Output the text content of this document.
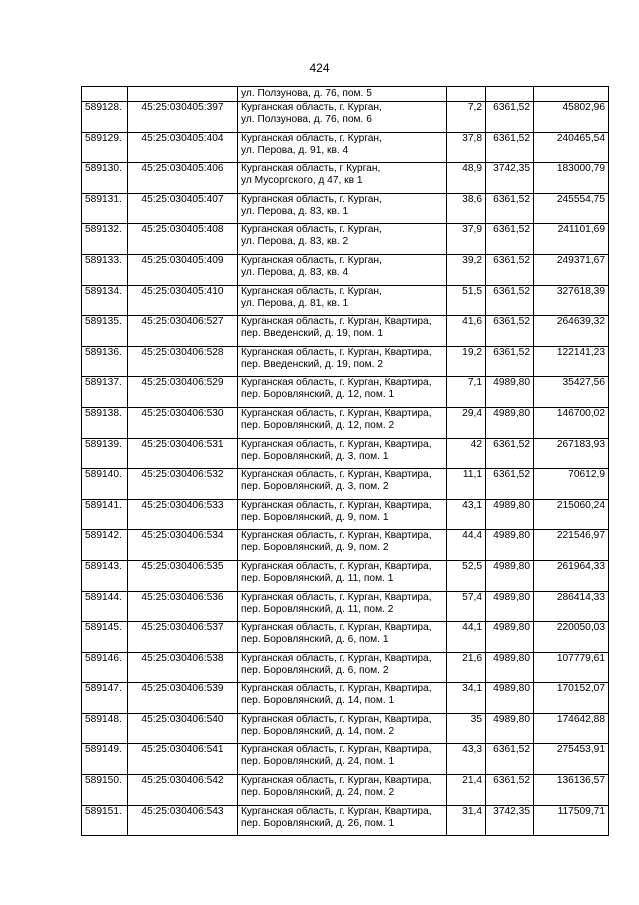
424
		ул. Ползунова, д. 76, пом. 5			
589128.	45:25:030405:397	Курганская область, г. Курган,
ул. Ползунова, д. 76, пом. 6	7,2	6361,52	45802,96
589129.	45:25:030405:404	Курганская область, г. Курган,
ул. Перова, д. 91, кв. 4	37,8	6361,52	240465,54
589130.	45:25:030405:406	Курганская область, г Курган,
ул Мусоргского, д 47, кв 1	48,9	3742,35	183000,79
589131.	45:25:030405:407	Курганская область, г. Курган,
ул. Перова, д. 83, кв. 1	38,6	6361,52	245554,75
589132.	45:25:030405:408	Курганская область, г. Курган,
ул. Перова, д. 83, кв. 2	37,9	6361,52	241101,69
589133.	45:25:030405:409	Курганская область, г. Курган,
ул. Перова, д. 83, кв. 4	39,2	6361,52	249371,67
589134.	45:25:030405:410	Курганская область, г. Курган,
ул. Перова, д. 81, кв. 1	51,5	6361,52	327618,39
589135.	45:25:030406:527	Курганская область, г. Курган, Квартира,
пер. Введенский, д. 19, пом. 1	41,6	6361,52	264639,32
589136.	45:25:030406:528	Курганская область, г. Курган, Квартира,
пер. Введенский, д. 19, пом. 2	19,2	6361,52	122141,23
589137.	45:25:030406:529	Курганская область, г. Курган, Квартира,
пер. Боровлянский, д. 12, пом. 1	7,1	4989,80	35427,56
589138.	45:25:030406:530	Курганская область, г. Курган, Квартира,
пер. Боровлянский, д. 12, пом. 2	29,4	4989,80	146700,02
589139.	45:25:030406:531	Курганская область, г. Курган, Квартира,
пер. Боровлянский, д. 3, пом. 1	42	6361,52	267183,93
589140.	45:25:030406:532	Курганская область, г. Курган, Квартира,
пер. Боровлянский, д. 3, пом. 2	11,1	6361,52	70612,9
589141.	45:25:030406:533	Курганская область, г. Курган, Квартира,
пер. Боровлянский, д. 9, пом. 1	43,1	4989,80	215060,24
589142.	45:25:030406:534	Курганская область, г. Курган, Квартира,
пер. Боровлянский, д. 9, пом. 2	44,4	4989,80	221546,97
589143.	45:25:030406:535	Курганская область, г. Курган, Квартира,
пер. Боровлянский, д. 11, пом. 1	52,5	4989,80	261964,33
589144.	45:25:030406:536	Курганская область, г. Курган, Квартира,
пер. Боровлянский, д. 11, пом. 2	57,4	4989,80	286414,33
589145.	45:25:030406:537	Курганская область, г. Курган, Квартира,
пер. Боровлянский, д. 6, пом. 1	44,1	4989,80	220050,03
589146.	45:25:030406:538	Курганская область, г. Курган, Квартира,
пер. Боровлянский, д. 6, пом. 2	21,6	4989,80	107779,61
589147.	45:25:030406:539	Курганская область, г. Курган, Квартира,
пер. Боровлянский, д. 14, пом. 1	34,1	4989,80	170152,07
589148.	45:25:030406:540	Курганская область, г. Курган, Квартира,
пер. Боровлянский, д. 14, пом. 2	35	4989,80	174642,88
589149.	45:25:030406:541	Курганская область, г. Курган, Квартира,
пер. Боровлянский, д. 24, пом. 1	43,3	6361,52	275453,91
589150.	45:25:030406:542	Курганская область, г. Курган, Квартира,
пер. Боровлянский, д. 24, пом. 2	21,4	6361,52	136136,57
589151.	45:25:030406:543	Курганская область, г. Курган, Квартира,
пер. Боровлянский, д. 26, пом. 1	31,4	3742,35	117509,71
